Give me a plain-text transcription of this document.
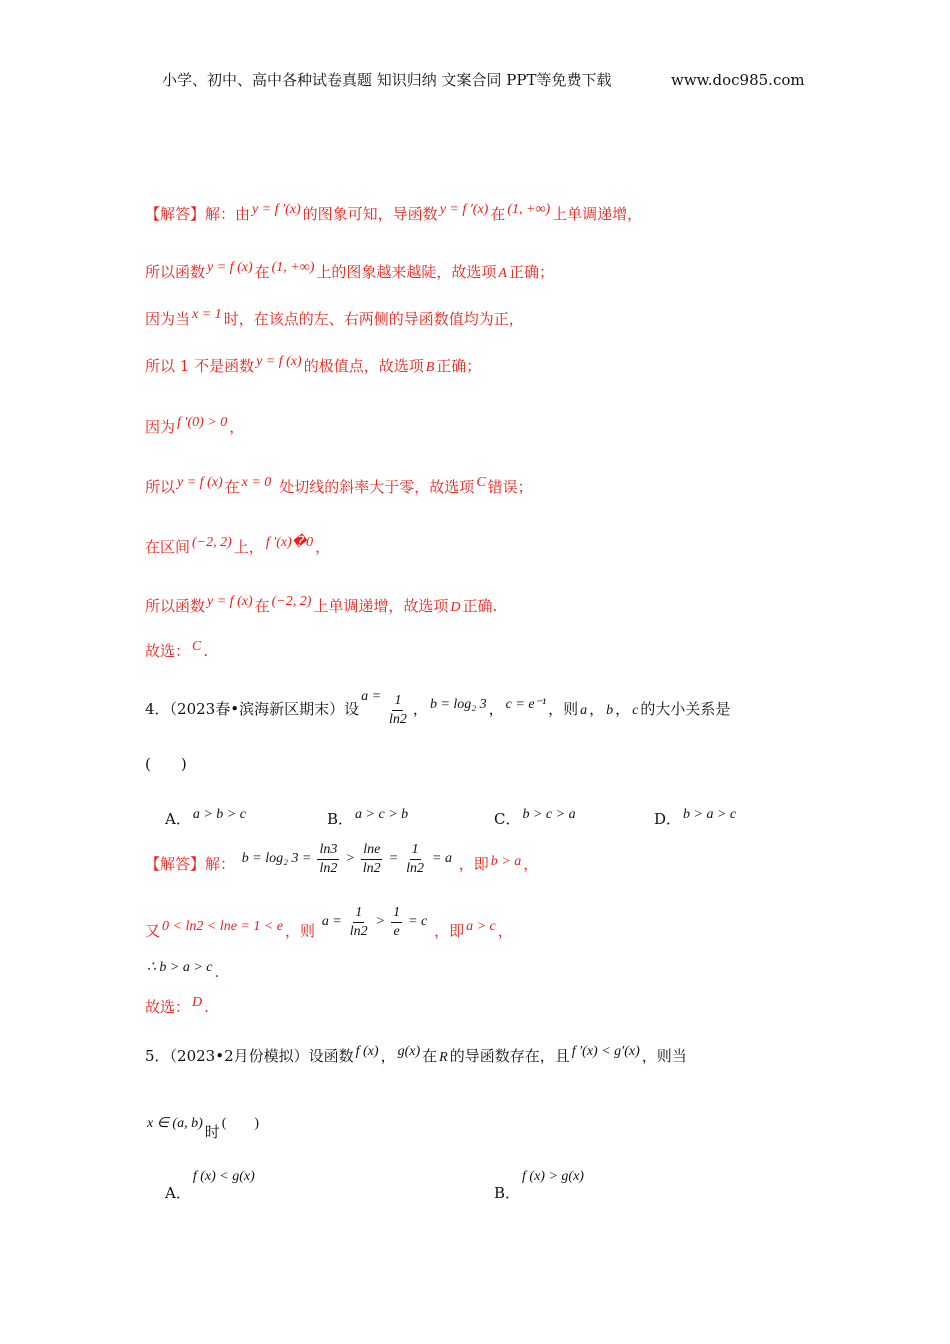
小学、初中、高中各种试卷真题 知识归纳 文案合同 PPT等免费下载	www.doc985.com
【解答】解：由 y = f ′(x) 的图象可知，导函数 y = f ′(x) 在 (1, +∞) 上单调递增，
所以函数 y = f (x) 在 (1, +∞) 上的图象越来越陡，故选项 A 正确；
因为当 x = 1 时，在该点的左、右两侧的导函数值均为正，
所以 1 不是函数 y = f (x) 的极值点，故选项 B 正确；
因为 f ′(0) > 0 ，
所以 y = f (x) 在 x = 0 处切线的斜率大于零，故选项 C 错误；
在区间 (−2, 2) 上， f ′(x)�0 ，
所以函数 y = f (x) 在 (−2, 2) 上单调递增，故选项 D 正确.
故选： C .
4．（2023春•滨海新区期末）设$a = \frac{1}{\ln 2}$ ， b = log₂ 3 ， c = e⁻¹ ，则 a ， b ， c 的大小关系是
(　　)
A． a > b > c	B． a > c > b	C． b > c > a	D． b > a > c
【解答】解： b = log₂ $3 = \frac{\ln 3}{\ln 2} > \frac{\ln e}{\ln 2} = \frac{1}{\ln 2} = a$ ，即 b > a ，
又 0 < ln2 < lne = 1 < e ，则 $a = \frac{1}{\ln 2} > \frac{1}{e} = c$ ，即 a > c ，
∴ b > a > c .
故选： D .
5．（2023•2月份模拟）设函数 f (x) ， g(x) 在 R 的导函数存在，且 f ′(x) < g′(x) ，则当
x ∈ (a, b) 时 (　　)
A．f (x) < g(x)
B．f (x) > g(x)
